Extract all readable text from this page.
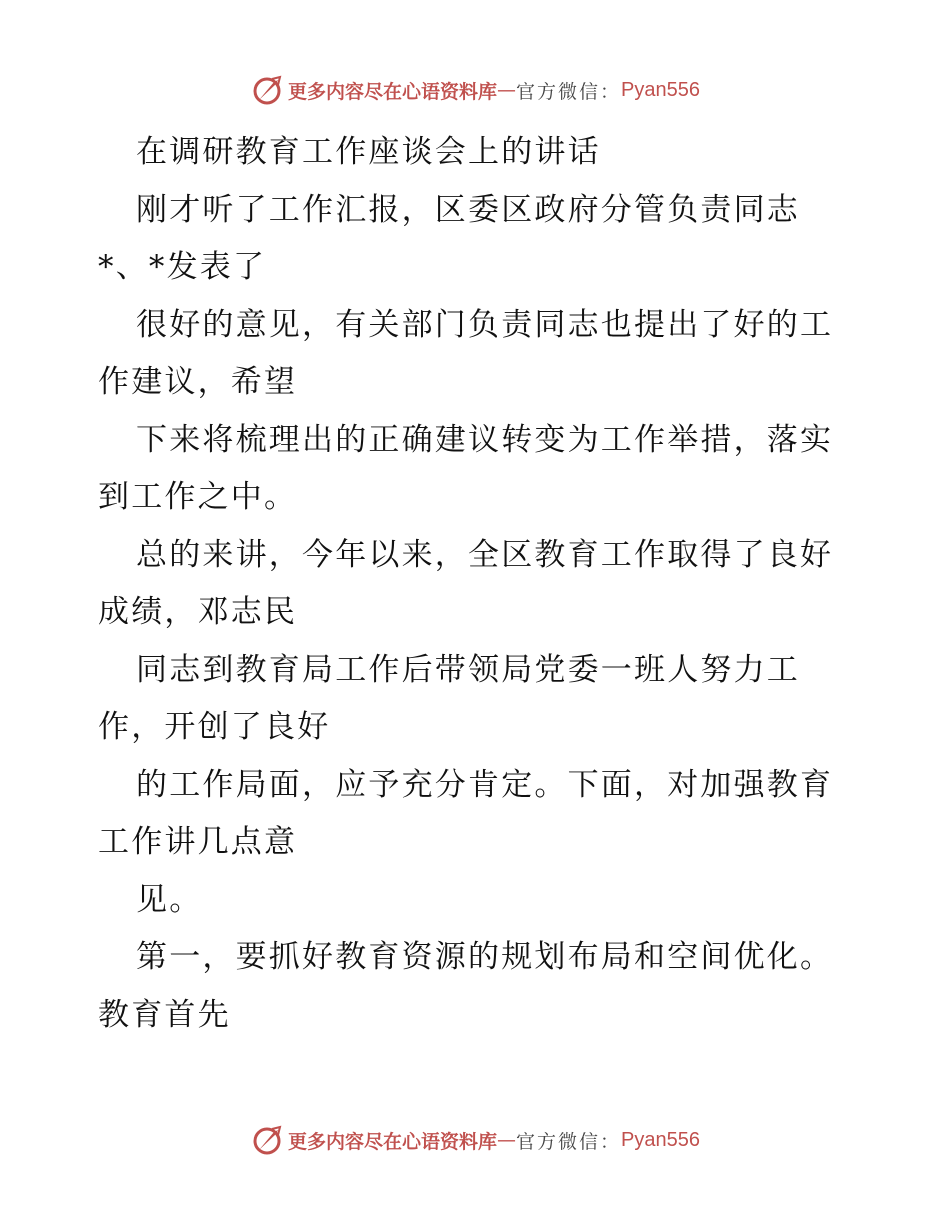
更多内容尽在心语资料库 — 官方微信： Pyan556
在调研教育工作座谈会上的讲话
刚才听了工作汇报，区委区政府分管负责同志
*、*发表了
很好的意见，有关部门负责同志也提出了好的工
作建议，希望
下来将梳理出的正确建议转变为工作举措，落实
到工作之中。
总的来讲，今年以来，全区教育工作取得了良好
成绩，邓志民
同志到教育局工作后带领局党委一班人努力工
作，开创了良好
的工作局面，应予充分肯定。下面，对加强教育
工作讲几点意
见。
第一，要抓好教育资源的规划布局和空间优化。
教育首先
更多内容尽在心语资料库 — 官方微信： Pyan556
